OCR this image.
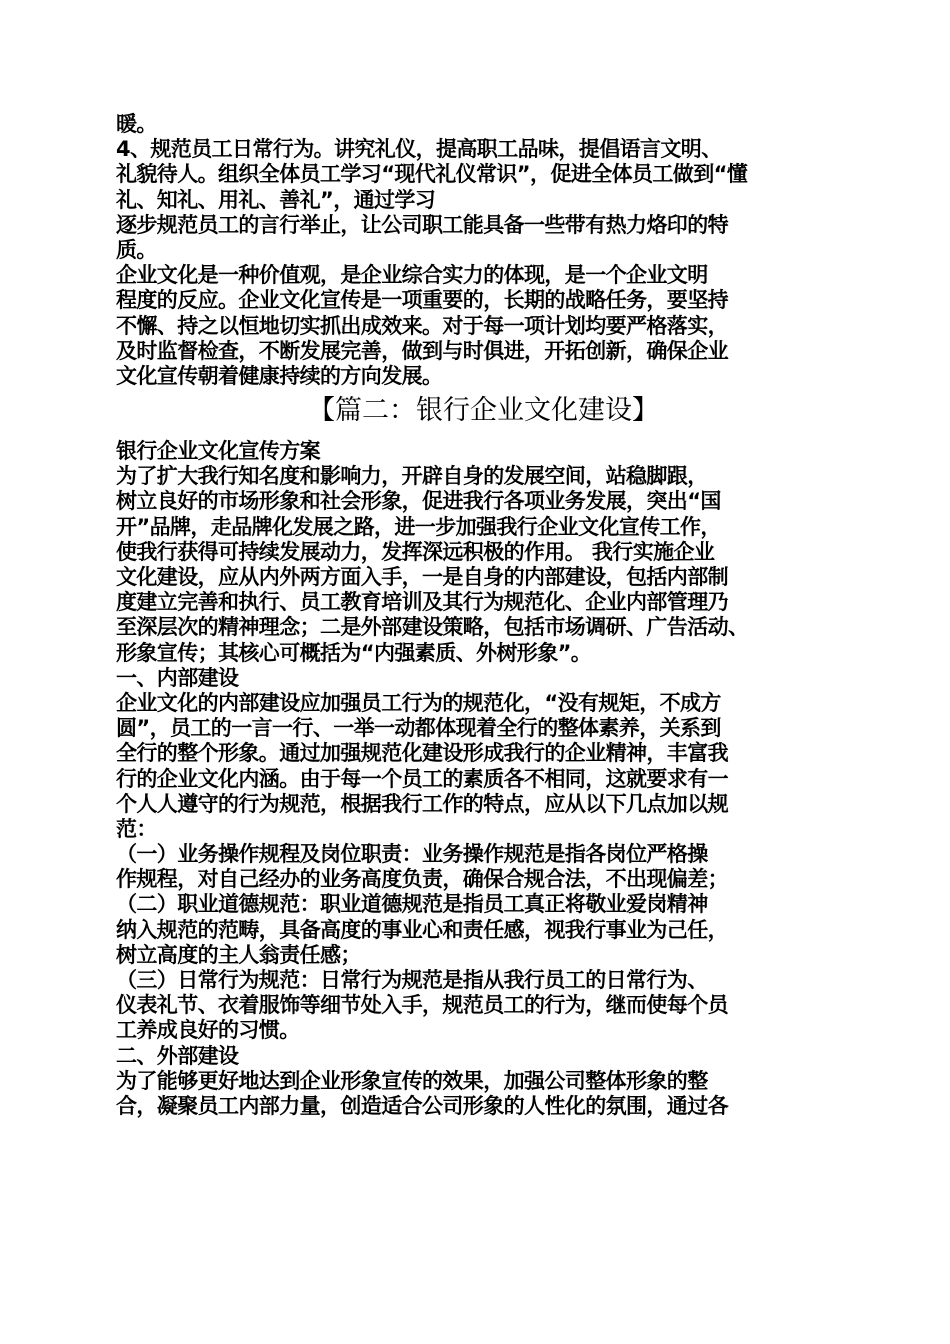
暖。
4、规范员工日常行为。讲究礼仪，提高职工品味，提倡语言文明、
礼貌待人。组织全体员工学习“现代礼仪常识”，促进全体员工做到“懂
礼、知礼、用礼、善礼”，通过学习
逐步规范员工的言行举止，让公司职工能具备一些带有热力烙印的特
质。
企业文化是一种价值观，是企业综合实力的体现，是一个企业文明
程度的反应。企业文化宣传是一项重要的，长期的战略任务，要坚持
不懈、持之以恒地切实抓出成效来。对于每一项计划均要严格落实，
及时监督检查，不断发展完善，做到与时俱进，开拓创新，确保企业
文化宣传朝着健康持续的方向发展。
【篇二：银行企业文化建设】
银行企业文化宣传方案
为了扩大我行知名度和影响力，开辟自身的发展空间，站稳脚跟，
树立良好的市场形象和社会形象，促进我行各项业务发展，突出“国
开”品牌，走品牌化发展之路，进一步加强我行企业文化宣传工作，
使我行获得可持续发展动力，发挥深远积极的作用。 我行实施企业
文化建设，应从内外两方面入手，一是自身的内部建设，包括内部制
度建立完善和执行、员工教育培训及其行为规范化、企业内部管理乃
至深层次的精神理念；二是外部建设策略，包括市场调研、广告活动、
形象宣传；其核心可概括为“内强素质、外树形象”。
一、内部建设
企业文化的内部建设应加强员工行为的规范化，“没有规矩，不成方
圆”，员工的一言一行、一举一动都体现着全行的整体素养，关系到
全行的整个形象。通过加强规范化建设形成我行的企业精神，丰富我
行的企业文化内涵。由于每一个员工的素质各不相同，这就要求有一
个人人遵守的行为规范，根据我行工作的特点，应从以下几点加以规
范：
（一）业务操作规程及岗位职责：业务操作规范是指各岗位严格操
作规程，对自己经办的业务高度负责，确保合规合法，不出现偏差；
（二）职业道德规范：职业道德规范是指员工真正将敬业爱岗精神
纳入规范的范畴，具备高度的事业心和责任感，视我行事业为己任，
树立高度的主人翁责任感；
（三）日常行为规范：日常行为规范是指从我行员工的日常行为、
仪表礼节、衣着服饰等细节处入手，规范员工的行为，继而使每个员
工养成良好的习惯。
二、外部建设
为了能够更好地达到企业形象宣传的效果，加强公司整体形象的整
合，凝聚员工内部力量，创造适合公司形象的人性化的氛围，通过各
